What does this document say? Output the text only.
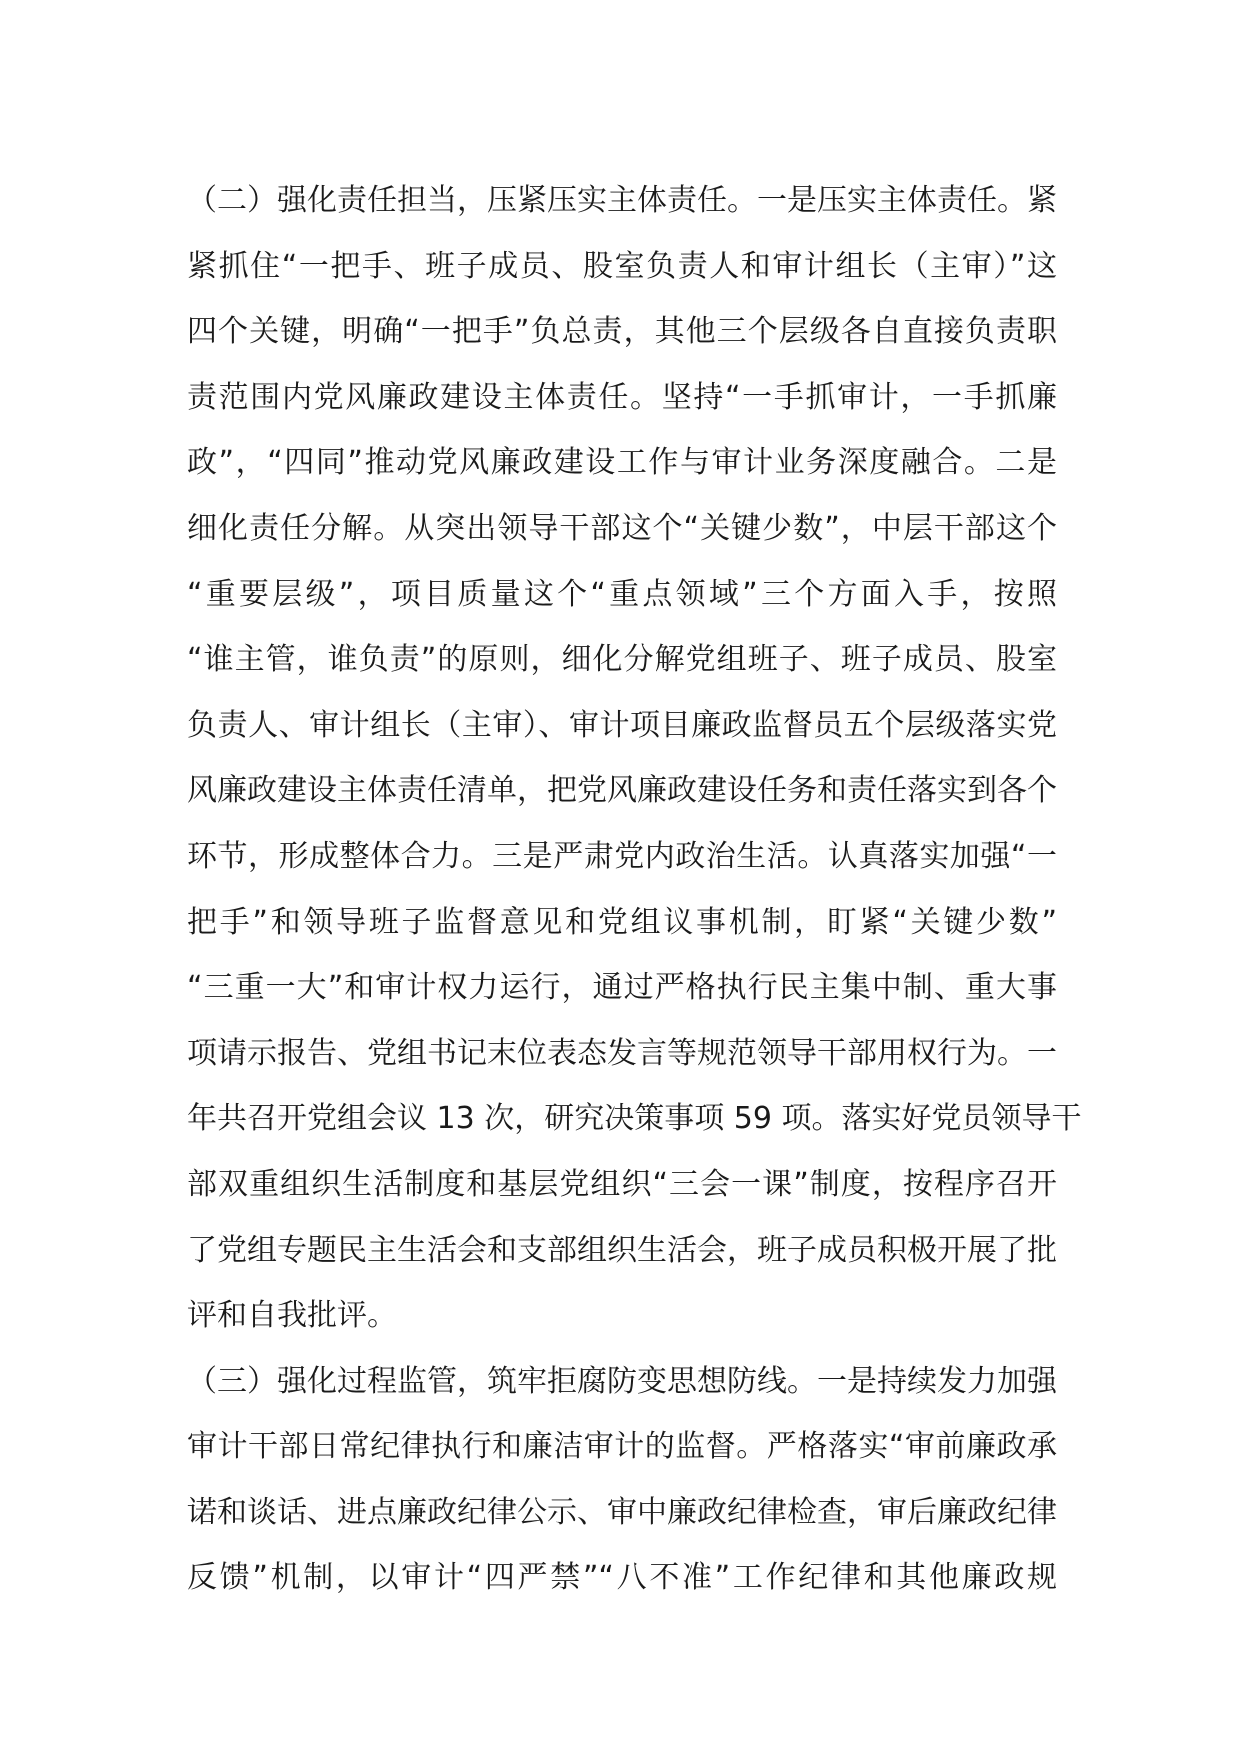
（二）强化责任担当，压紧压实主体责任。一是压实主体责任。紧
紧抓住“一把手、班子成员、股室负责人和审计组长（主审）”这
四个关键，明确“一把手”负总责，其他三个层级各自直接负责职
责范围内党风廉政建设主体责任。坚持“一手抓审计，一手抓廉
政”，“四同”推动党风廉政建设工作与审计业务深度融合。二是
细化责任分解。从突出领导干部这个“关键少数”，中层干部这个
“重要层级”，项目质量这个“重点领域”三个方面入手，按照
“谁主管，谁负责”的原则，细化分解党组班子、班子成员、股室
负责人、审计组长（主审）、审计项目廉政监督员五个层级落实党
风廉政建设主体责任清单，把党风廉政建设任务和责任落实到各个
环节，形成整体合力。三是严肃党内政治生活。认真落实加强“一
把手”和领导班子监督意见和党组议事机制，盯紧“关键少数”
“三重一大”和审计权力运行，通过严格执行民主集中制、重大事
项请示报告、党组书记末位表态发言等规范领导干部用权行为。一
年共召开党组会议 13 次，研究决策事项 59 项。落实好党员领导干
部双重组织生活制度和基层党组织“三会一课”制度，按程序召开
了党组专题民主生活会和支部组织生活会，班子成员积极开展了批
评和自我批评。
（三）强化过程监管，筑牢拒腐防变思想防线。一是持续发力加强
审计干部日常纪律执行和廉洁审计的监督。严格落实“审前廉政承
诺和谈话、进点廉政纪律公示、审中廉政纪律检查，审后廉政纪律
反馈”机制，以审计“四严禁”“八不准”工作纪律和其他廉政规
